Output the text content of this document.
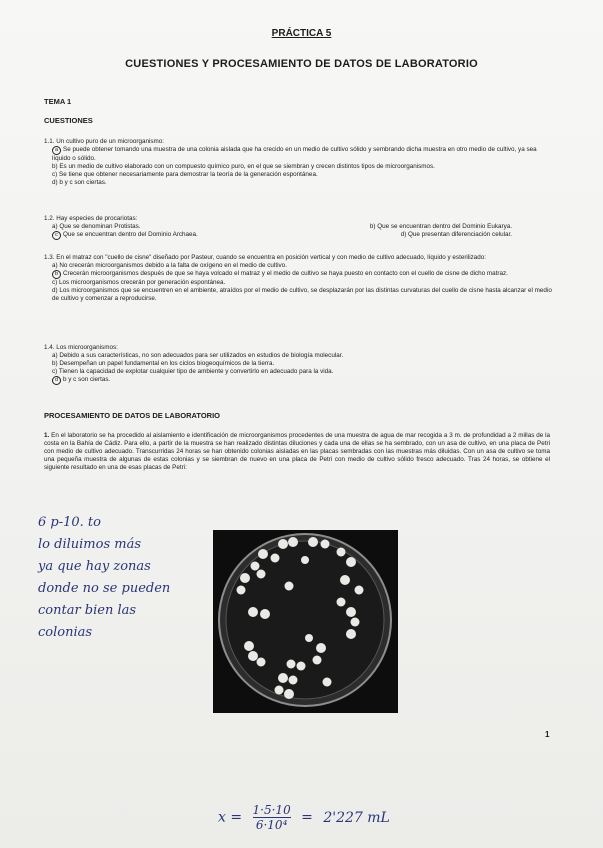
PRÁCTICA 5
CUESTIONES Y PROCESAMIENTO DE DATOS DE LABORATORIO
TEMA 1
CUESTIONES
1.1. Un cultivo puro de un microorganismo:
a Se puede obtener tomando una muestra de una colonia aislada que ha crecido en un medio de cultivo sólido y sembrando dicha muestra en otro medio de cultivo, ya sea líquido o sólido.
b) Es un medio de cultivo elaborado con un compuesto químico puro, en el que se siembran y crecen distintos tipos de microorganismos.
c) Se tiene que obtener necesariamente para demostrar la teoría de la generación espontánea.
d) b y c son ciertas.
1.2. Hay especies de procariotas:
a) Que se denominan Protistas.	b) Que se encuentran dentro del Dominio Eukarya.
c Que se encuentran dentro del Dominio Archaea.	d) Que presentan diferenciación celular.
1.3. En el matraz con "cuello de cisne" diseñado por Pasteur, cuando se encuentra en posición vertical y con medio de cultivo adecuado, líquido y esterilizado:
a) No crecerán microorganismos debido a la falta de oxígeno en el medio de cultivo.
b Crecerán microorganismos después de que se haya volcado el matraz y el medio de cultivo se haya puesto en contacto con el cuello de cisne de dicho matraz.
c) Los microorganismos crecerán por generación espontánea.
d) Los microorganismos que se encuentren en el ambiente, atraídos por el medio de cultivo, se desplazarán por las distintas curvaturas del cuello de cisne hasta alcanzar el medio de cultivo y comenzar a reproducirse.
1.4. Los microorganismos:
a) Debido a sus características, no son adecuados para ser utilizados en estudios de biología molecular.
b) Desempeñan un papel fundamental en los ciclos biogeoquímicos de la tierra.
c) Tienen la capacidad de explotar cualquier tipo de ambiente y convertirlo en adecuado para la vida.
d b y c son ciertas.
PROCESAMIENTO DE DATOS DE LABORATORIO
1. En el laboratorio se ha procedido al aislamiento e identificación de microorganismos procedentes de una muestra de agua de mar recogida a 3 m. de profundidad a 2 millas de la costa en la Bahía de Cádiz. Para ello, a partir de la muestra se han realizado distintas diluciones y cada una de ellas se ha sembrado, con un asa de cultivo, en una placa de Petri con medio de cultivo adecuado. Transcurridas 24 horas se han obtenido colonias aisladas en las placas sembradas con las muestras más diluidas. Con un asa de cultivo se toma una pequeña muestra de algunas de estas colonias y se siembran de nuevo en una placa de Petri con medio de cultivo sólido fresco adecuado. Tras 24 horas, se obtiene el siguiente resultado en una de esas placas de Petri:
6 p-10. to
lo diluimos más
ya que hay zonas
donde no se pueden
contar bien las
colonias
1
$x = \frac{1\cdot 5\cdot 10}{\text{6·10⁴}} = 2'227$ mL
